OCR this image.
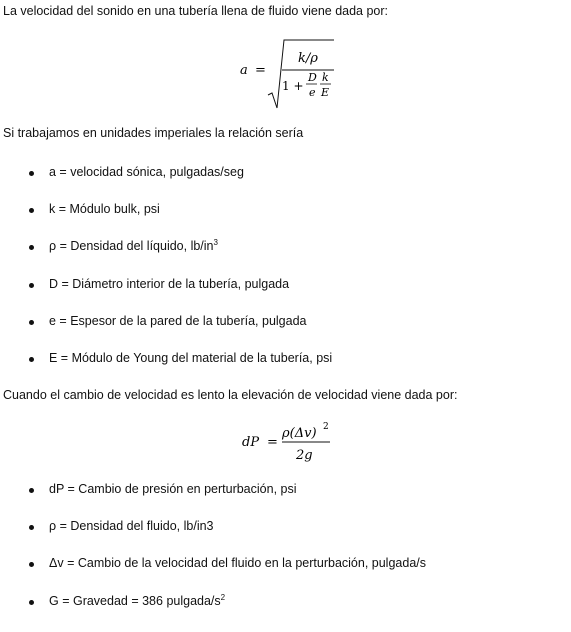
La velocidad del sonido en una tubería llena de fluido viene dada por:
a =
k/ρ
1 +
D
e
k
E
Si trabajamos en unidades imperiales la relación sería
a = velocidad sónica, pulgadas/seg
k = Módulo bulk, psi
ρ = Densidad del líquido, $lb/in^3$
D = Diámetro interior de la tubería, pulgada
e = Espesor de la pared de la tubería, pulgada
E = Módulo de Young del material de la tubería, psi
Cuando el cambio de velocidad es lento la elevación de velocidad viene dada por:
dP =
ρ(Δv) 2
2g
dP = Cambio de presión en perturbación, psi
ρ = Densidad del fluido, lb/in3
Δv = Cambio de la velocidad del fluido en la perturbación, pulgada/s
G = Gravedad = 386 pulgada/$s^2$
